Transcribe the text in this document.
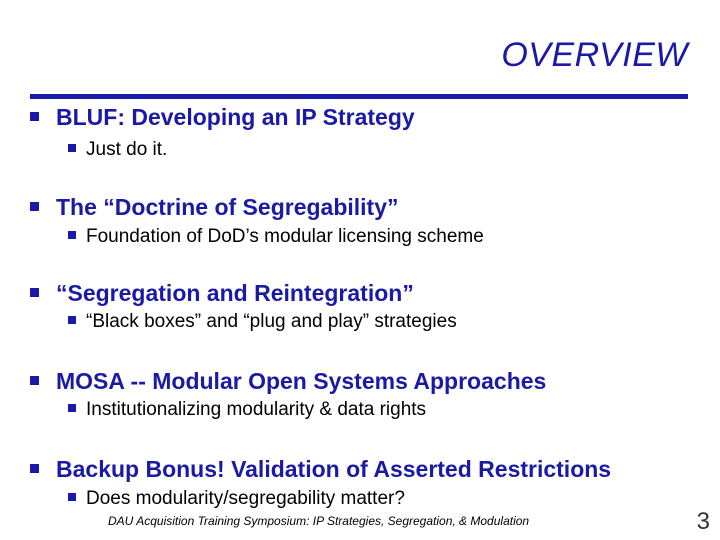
OVERVIEW
BLUF: Developing an IP Strategy
Just do it.
The “Doctrine of Segregability”
Foundation of DoD’s modular licensing scheme
“Segregation and Reintegration”
“Black boxes” and “plug and play” strategies
MOSA -- Modular Open Systems Approaches
Institutionalizing modularity & data rights
Backup Bonus! Validation of Asserted Restrictions
Does modularity/segregability matter?
DAU Acquisition Training Symposium: IP Strategies, Segregation, & Modulation	3
